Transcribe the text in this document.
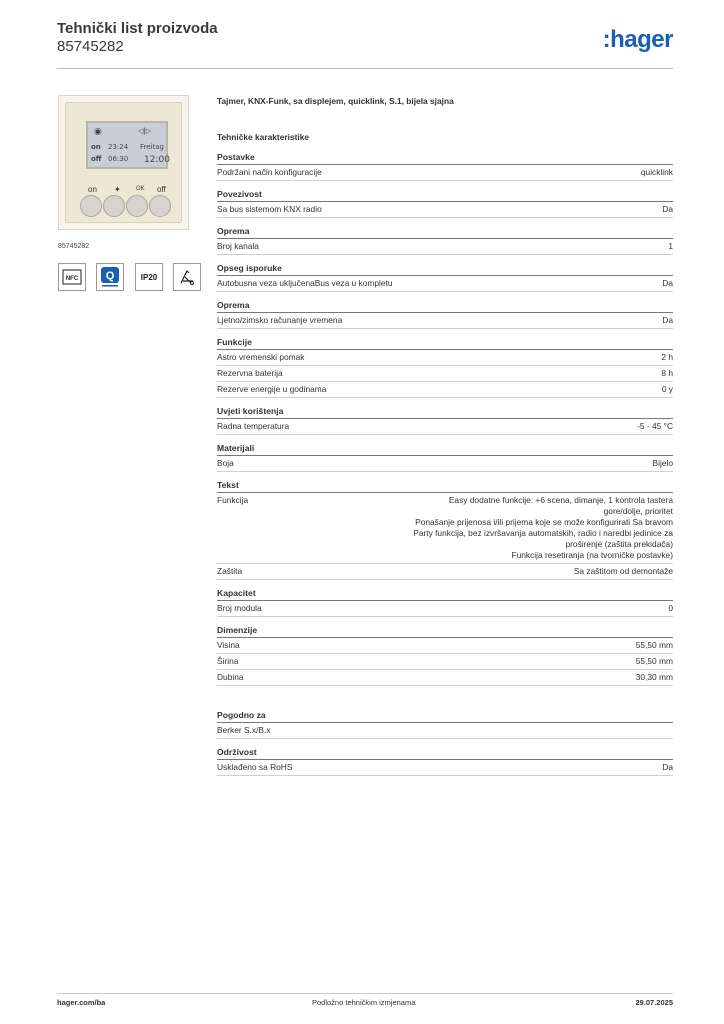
Tehnički list proizvoda
85745282	:hager
◉	◁|▷
on 23:24 Freitag
off 06:30 12:00
on ✦	OK off
85745282
NFC	Q	IP20
Tajmer, KNX-Funk, sa displejem, quicklink, S.1, bijela sjajna
Tehničke karakteristike
Postavke
Podržani način konfiguracije	quicklink
Povezivost
Sa bus sistemom KNX radio	Da
Oprema
Broj kanala	1
Opseg isporuke
Autobusna veza uključenaBus veza u kompletu	Da
Oprema
Ljetno/zimsko računanje vremena	Da
Funkcije
Astro vremenski pomak	2 h
Rezervna baterija	8 h
Rezerve energije u godinama	0 y
Uvjeti korištenja
Radna temperatura	-5 - 45 °C
Materijali
Boja	Bijelo
Tekst
Funkcija	Easy dodatne funkcije: +6 scena, dimanje, 1 kontrola tastera gore/dolje, prioritet
Ponašanje prijenosa i/ili prijema koje se može konfigurirati Sa bravom
Party funkcija, bez izvršavanja automatskih, radio i naredbi jedinice za proširenje (zaštita prekidača)
Funkcija resetiranja (na tvorničke postavke)
Zaštita	Sa zaštitom od demontaže
Kapacitet
Broj modula	0
Dimenzije
Visina	55,50 mm
Širina	55,50 mm
Dubina	30,30 mm
Pogodno za
Berker S.x/B.x
Održivost
Usklađeno sa RoHS	Da
hager.com/ba	Podložno tehničkim izmjenama	29.07.2025
